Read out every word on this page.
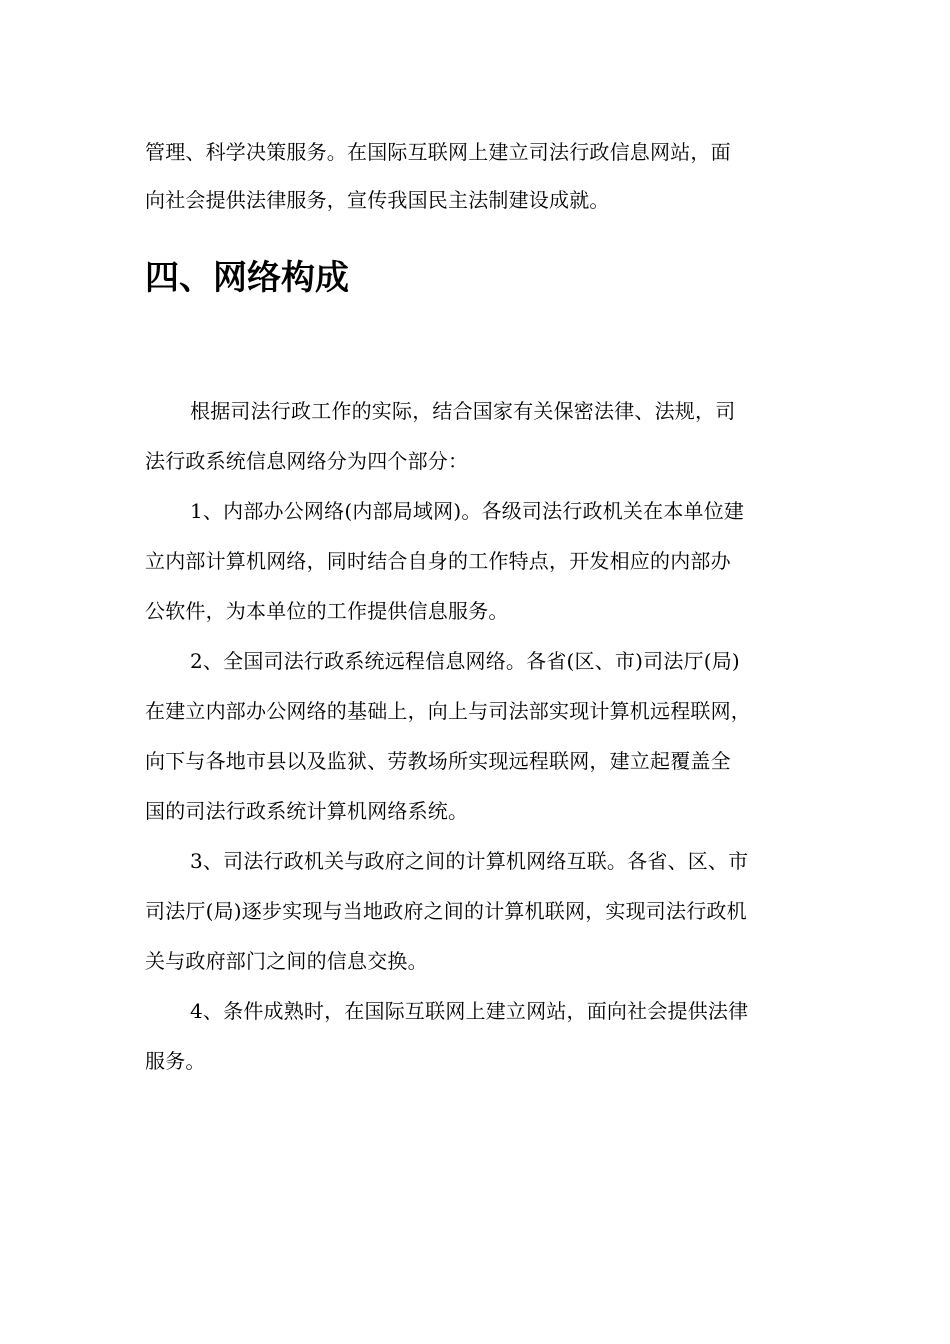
管理、科学决策服务。在国际互联网上建立司法行政信息网站，面
向社会提供法律服务，宣传我国民主法制建设成就。
四、网络构成
根据司法行政工作的实际，结合国家有关保密法律、法规，司
法行政系统信息网络分为四个部分：
1、内部办公网络(内部局域网)。各级司法行政机关在本单位建
立内部计算机网络，同时结合自身的工作特点，开发相应的内部办
公软件，为本单位的工作提供信息服务。
2、全国司法行政系统远程信息网络。各省(区、市)司法厅(局)
在建立内部办公网络的基础上，向上与司法部实现计算机远程联网，
向下与各地市县以及监狱、劳教场所实现远程联网，建立起覆盖全
国的司法行政系统计算机网络系统。
3、司法行政机关与政府之间的计算机网络互联。各省、区、市
司法厅(局)逐步实现与当地政府之间的计算机联网，实现司法行政机
关与政府部门之间的信息交换。
4、条件成熟时，在国际互联网上建立网站，面向社会提供法律
服务。
